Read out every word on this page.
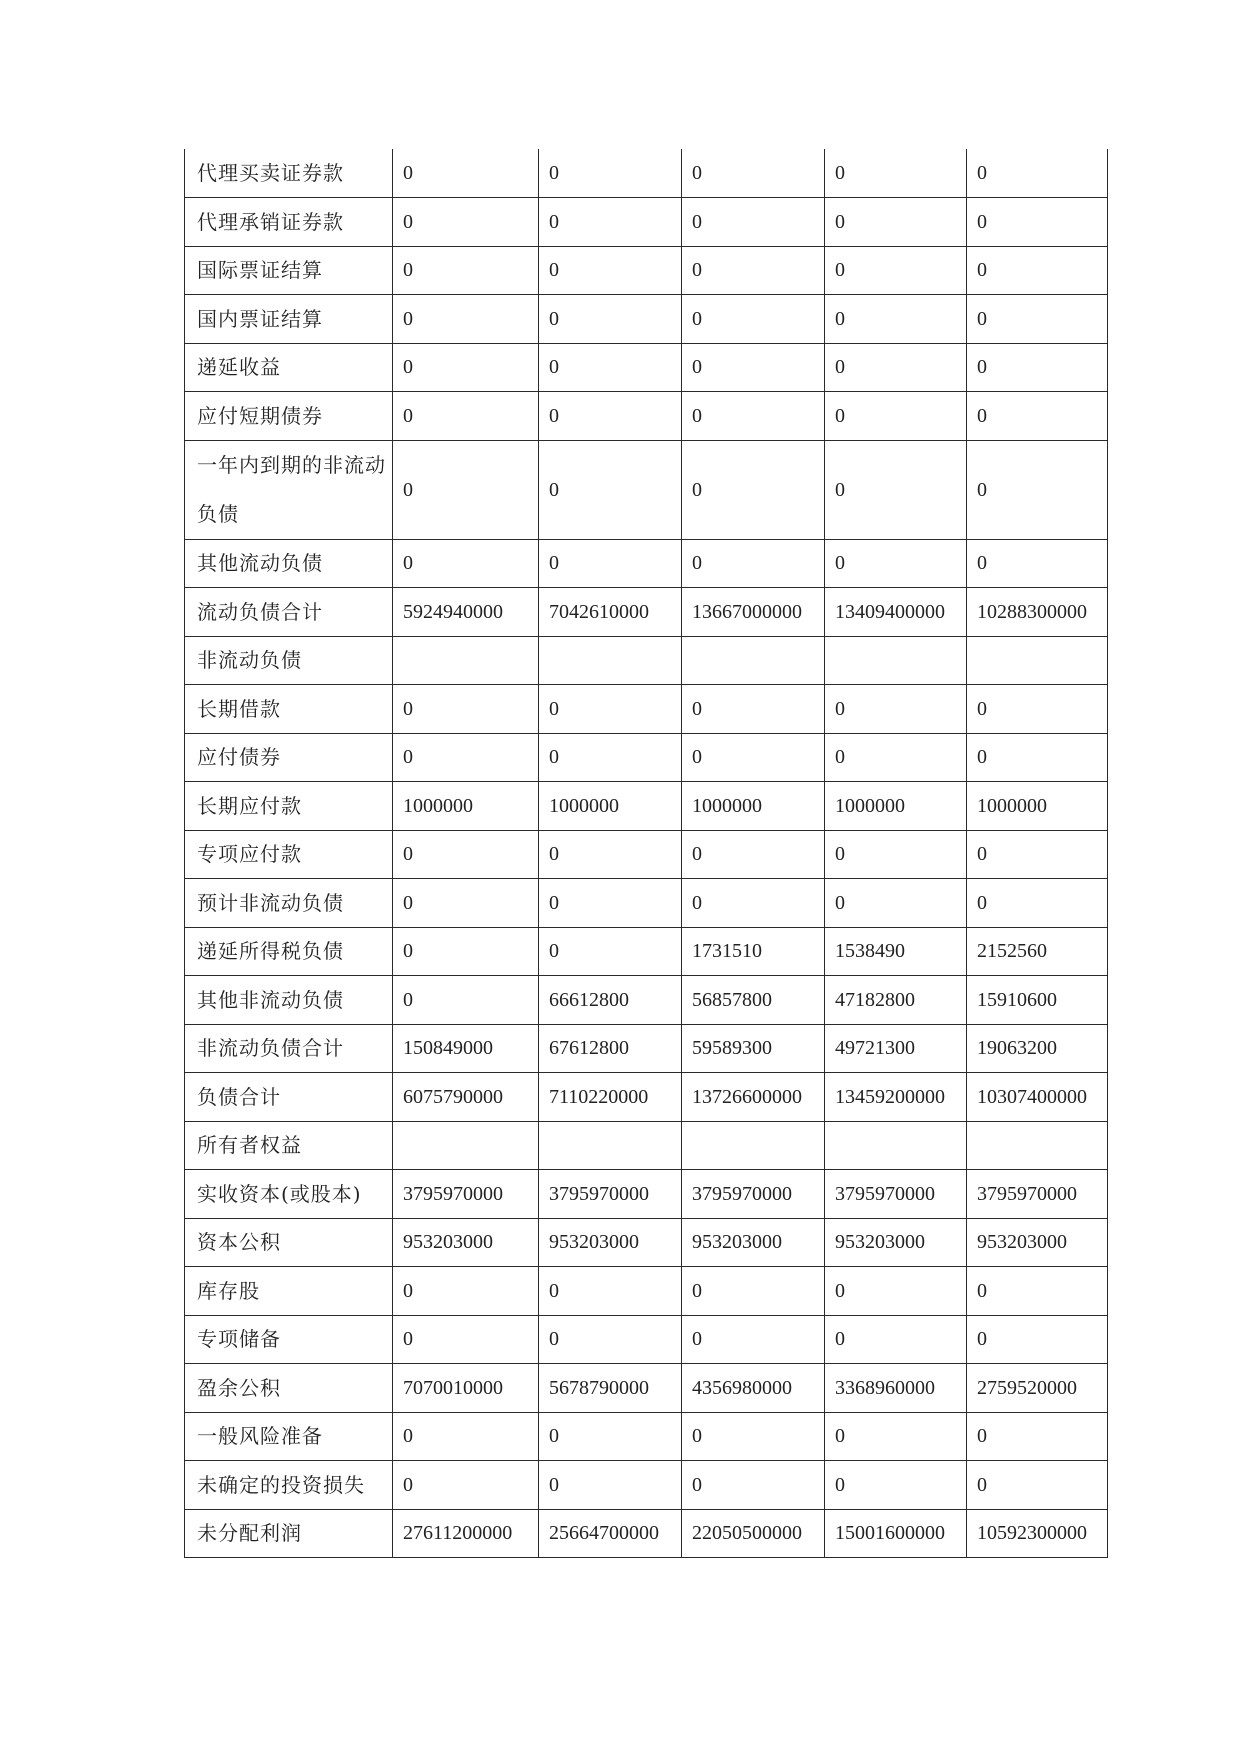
代理买卖证券款	0	0	0	0	0
代理承销证券款	0	0	0	0	0
国际票证结算	0	0	0	0	0
国内票证结算	0	0	0	0	0
递延收益	0	0	0	0	0
应付短期债券	0	0	0	0	0
一年内到期的非流动负债	0	0	0	0	0
其他流动负债	0	0	0	0	0
流动负债合计	5924940000	7042610000	13667000000	13409400000	10288300000
非流动负债					
长期借款	0	0	0	0	0
应付债券	0	0	0	0	0
长期应付款	1000000	1000000	1000000	1000000	1000000
专项应付款	0	0	0	0	0
预计非流动负债	0	0	0	0	0
递延所得税负债	0	0	1731510	1538490	2152560
其他非流动负债	0	66612800	56857800	47182800	15910600
非流动负债合计	150849000	67612800	59589300	49721300	19063200
负债合计	6075790000	7110220000	13726600000	13459200000	10307400000
所有者权益					
实收资本(或股本)	3795970000	3795970000	3795970000	3795970000	3795970000
资本公积	953203000	953203000	953203000	953203000	953203000
库存股	0	0	0	0	0
专项储备	0	0	0	0	0
盈余公积	7070010000	5678790000	4356980000	3368960000	2759520000
一般风险准备	0	0	0	0	0
未确定的投资损失	0	0	0	0	0
未分配利润	27611200000	25664700000	22050500000	15001600000	10592300000
